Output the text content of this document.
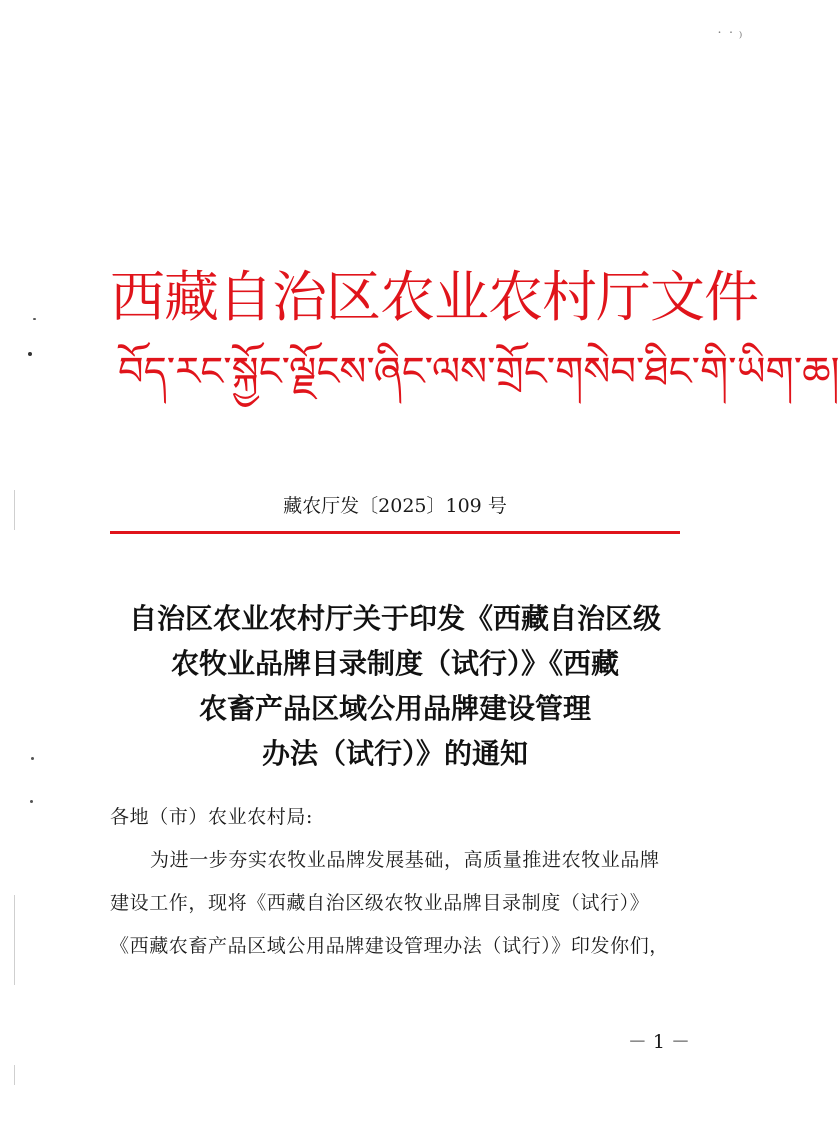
˙ ˙ ⁾
西藏自治区农业农村厅文件
བོད་རང་སྐྱོང་ལྗོངས་ཞིང་ལས་གྲོང་གསེབ་ཐིང་གི་ཡིག་ཆ།
藏农厅发〔2025〕109 号
自治区农业农村厅关于印发《西藏自治区级
农牧业品牌目录制度（试行）》《西藏
农畜产品区域公用品牌建设管理
办法（试行）》的通知
各地（市）农业农村局:
为进一步夯实农牧业品牌发展基础，高质量推进农牧业品牌
建设工作，现将《西藏自治区级农牧业品牌目录制度（试行）》
《西藏农畜产品区域公用品牌建设管理办法（试行）》印发你们，
－ 1 －
